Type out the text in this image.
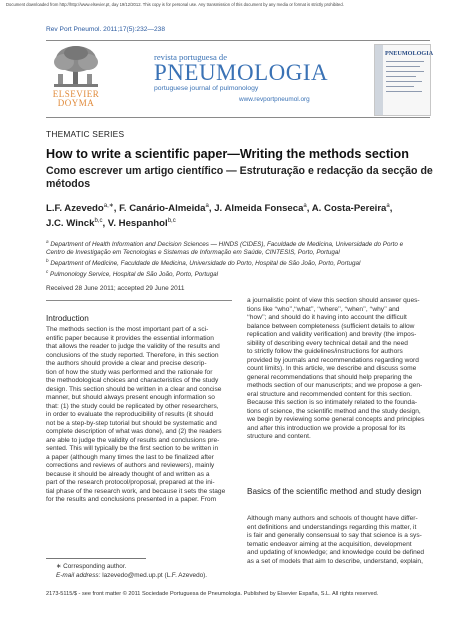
Document downloaded from http://http://www.elsevier.pt, day 19/12/2012. This copy is for personal use. Any transmission of this document by any media or format is strictly prohibited.
Rev Port Pneumol. 2011;17(5):232—238
ELSEVIER
DOYMA
revista portuguesa de
PNEUMOLOGIA
portuguese journal of pulmonology
www.revportpneumol.org
PNEUMOLOGIA
THEMATIC SERIES
How to write a scientific paper—Writing the methods section
Como escrever um artigo científico — Estruturação e redacção da secção de métodos
L.F. Azevedo$^{a,∗}$, F. Canário-Almeida$^a$, J. Almeida Fonseca$^a$, A. Costa-Pereira$^a$,
J.C. Winck$^{b,c}$, V. Hespanhol$^{b,c}$
$^a$ Department of Health Information and Decision Sciences — HINDS (CIDES), Faculdade de Medicina, Universidade do Porto e
Centro de Investigação em Tecnologias e Sistemas de Informação em Saúde, CINTESIS, Porto, Portugal
$^b$ Department of Medicine, Faculdade de Medicina, Universidade do Porto, Hospital de São João, Porto, Portugal
$^c$ Pulmonology Service, Hospital de São João, Porto, Portugal
Received 28 June 2011; accepted 29 June 2011
Introduction
The methods section is the most important part of a sci-
entific paper because it provides the essential information
that allows the reader to judge the validity of the results and
conclusions of the study reported. Therefore, in this section
the authors should provide a clear and precise descrip-
tion of how the study was performed and the rationale for
the methodological choices and characteristics of the study
design. This section should be written in a clear and concise
manner, but should always present enough information so
that: (1) the study could be replicated by other researchers,
in order to evaluate the reproducibility of results (it should
not be a step-by-step tutorial but should be systematic and
complete description of what was done), and (2) the readers
are able to judge the validity of results and conclusions pre-
sented. This will typically be the first section to be written in
a paper (although many times the last to be finalized after
corrections and reviews of authors and reviewers), mainly
because it should be already thought of and written as a
part of the research protocol/proposal, prepared at the ini-
tial phase of the research work, and because it sets the stage
for the results and conclusions presented in a paper. From
a journalistic point of view this section should answer ques-
tions like ‘‘who’’,‘‘what’’, ‘‘where’’, ‘‘when’’, ‘‘why’’ and
‘‘how’’; and should do it having into account the difficult
balance between completeness (sufficient details to allow
replication and validity verification) and brevity (the impos-
sibility of describing every technical detail and the need
to strictly follow the guidelines/instructions for authors
provided by journals and recommendations regarding word
count limits). In this article, we describe and discuss some
general recommendations that should help preparing the
methods section of our manuscripts; and we propose a gen-
eral structure and recommended content for this section.
Because this section is so intimately related to the founda-
tions of science, the scientific method and the study design,
we begin by reviewing some general concepts and principles
and after this introduction we provide a proposal for its
structure and content.
Basics of the scientific method and study design
Although many authors and schools of thought have differ-
ent definitions and understandings regarding this matter, it
is fair and generally consensual to say that science is a sys-
tematic endeavor aiming at the acquisition, development
and updating of knowledge; and knowledge could be defined
as a set of models that aim to describe, understand, explain,
∗ Corresponding author.
E-mail address: lazevedo@med.up.pt (L.F. Azevedo).
2173-5115/$ - see front matter © 2011 Sociedade Portuguesa de Pneumologia. Published by Elsevier España, S.L. All rights reserved.
